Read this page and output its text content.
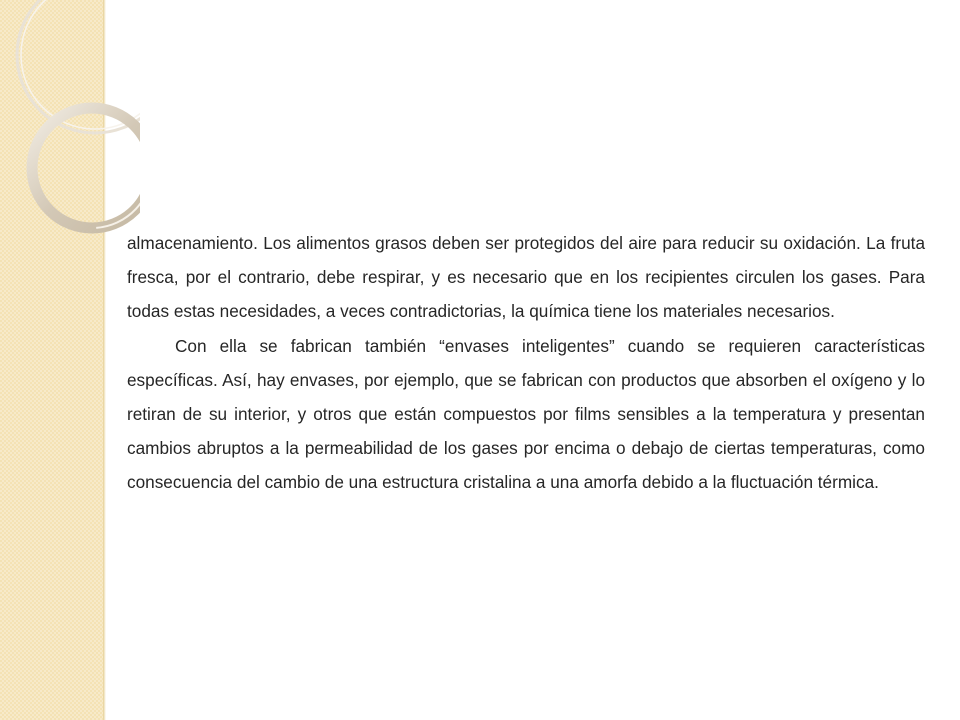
almacenamiento. Los alimentos grasos deben ser protegidos del aire para reducir su oxidación. La fruta fresca, por el contrario, debe respirar, y es necesario que en los recipientes circulen los gases. Para todas estas necesidades, a veces contradictorias, la química tiene los materiales necesarios.

Con ella se fabrican también “envases inteligentes” cuando se requieren características específicas. Así, hay envases, por ejemplo, que se fabrican con productos que absorben el oxígeno y lo retiran de su interior, y otros que están compuestos por films sensibles a la temperatura y presentan cambios abruptos a la permeabilidad de los gases por encima o debajo de ciertas temperaturas, como consecuencia del cambio de una estructura cristalina a una amorfa debido a la fluctuación térmica.
